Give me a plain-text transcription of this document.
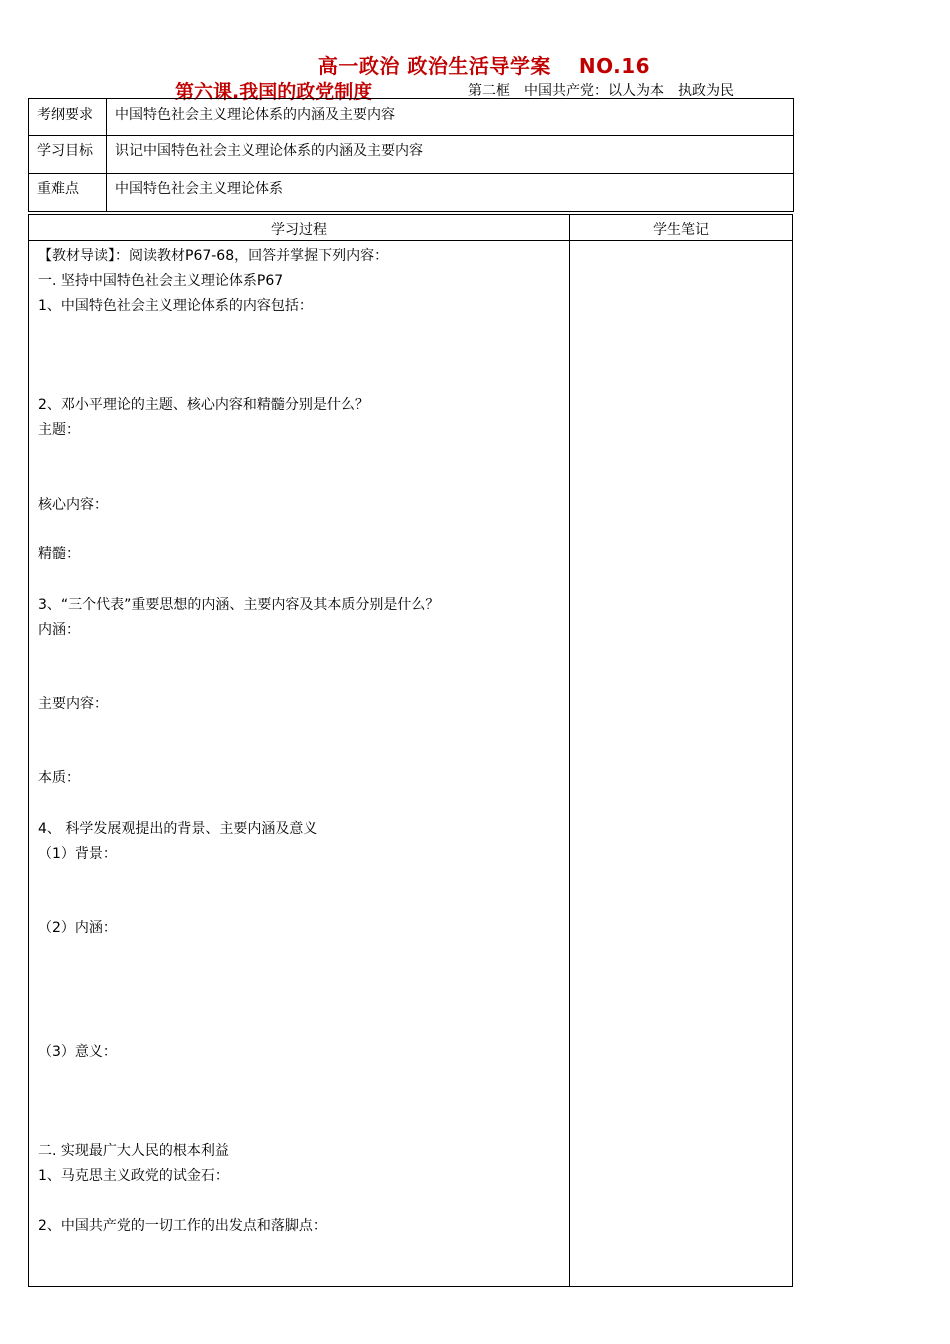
高一政治 政治生活导学案　 NO.16
第六课.我国的政党制度	第二框　中国共产党：以人为本　执政为民
考纲要求	中国特色社会主义理论体系的内涵及主要内容
学习目标	识记中国特色社会主义理论体系的内涵及主要内容
重难点	中国特色社会主义理论体系
学习过程	学生笔记
【教材导读】：阅读教材P67-68，回答并掌握下列内容：
一. 坚持中国特色社会主义理论体系P67
1、中国特色社会主义理论体系的内容包括：
2、邓小平理论的主题、核心内容和精髓分别是什么？
主题：
核心内容：
精髓：
3、“三个代表”重要思想的内涵、主要内容及其本质分别是什么？
内涵：
主要内容：
本质：
4、 科学发展观提出的背景、主要内涵及意义
（1）背景：
（2）内涵：
（3）意义：
二. 实现最广大人民的根本利益
1、马克思主义政党的试金石：
2、中国共产党的一切工作的出发点和落脚点：
